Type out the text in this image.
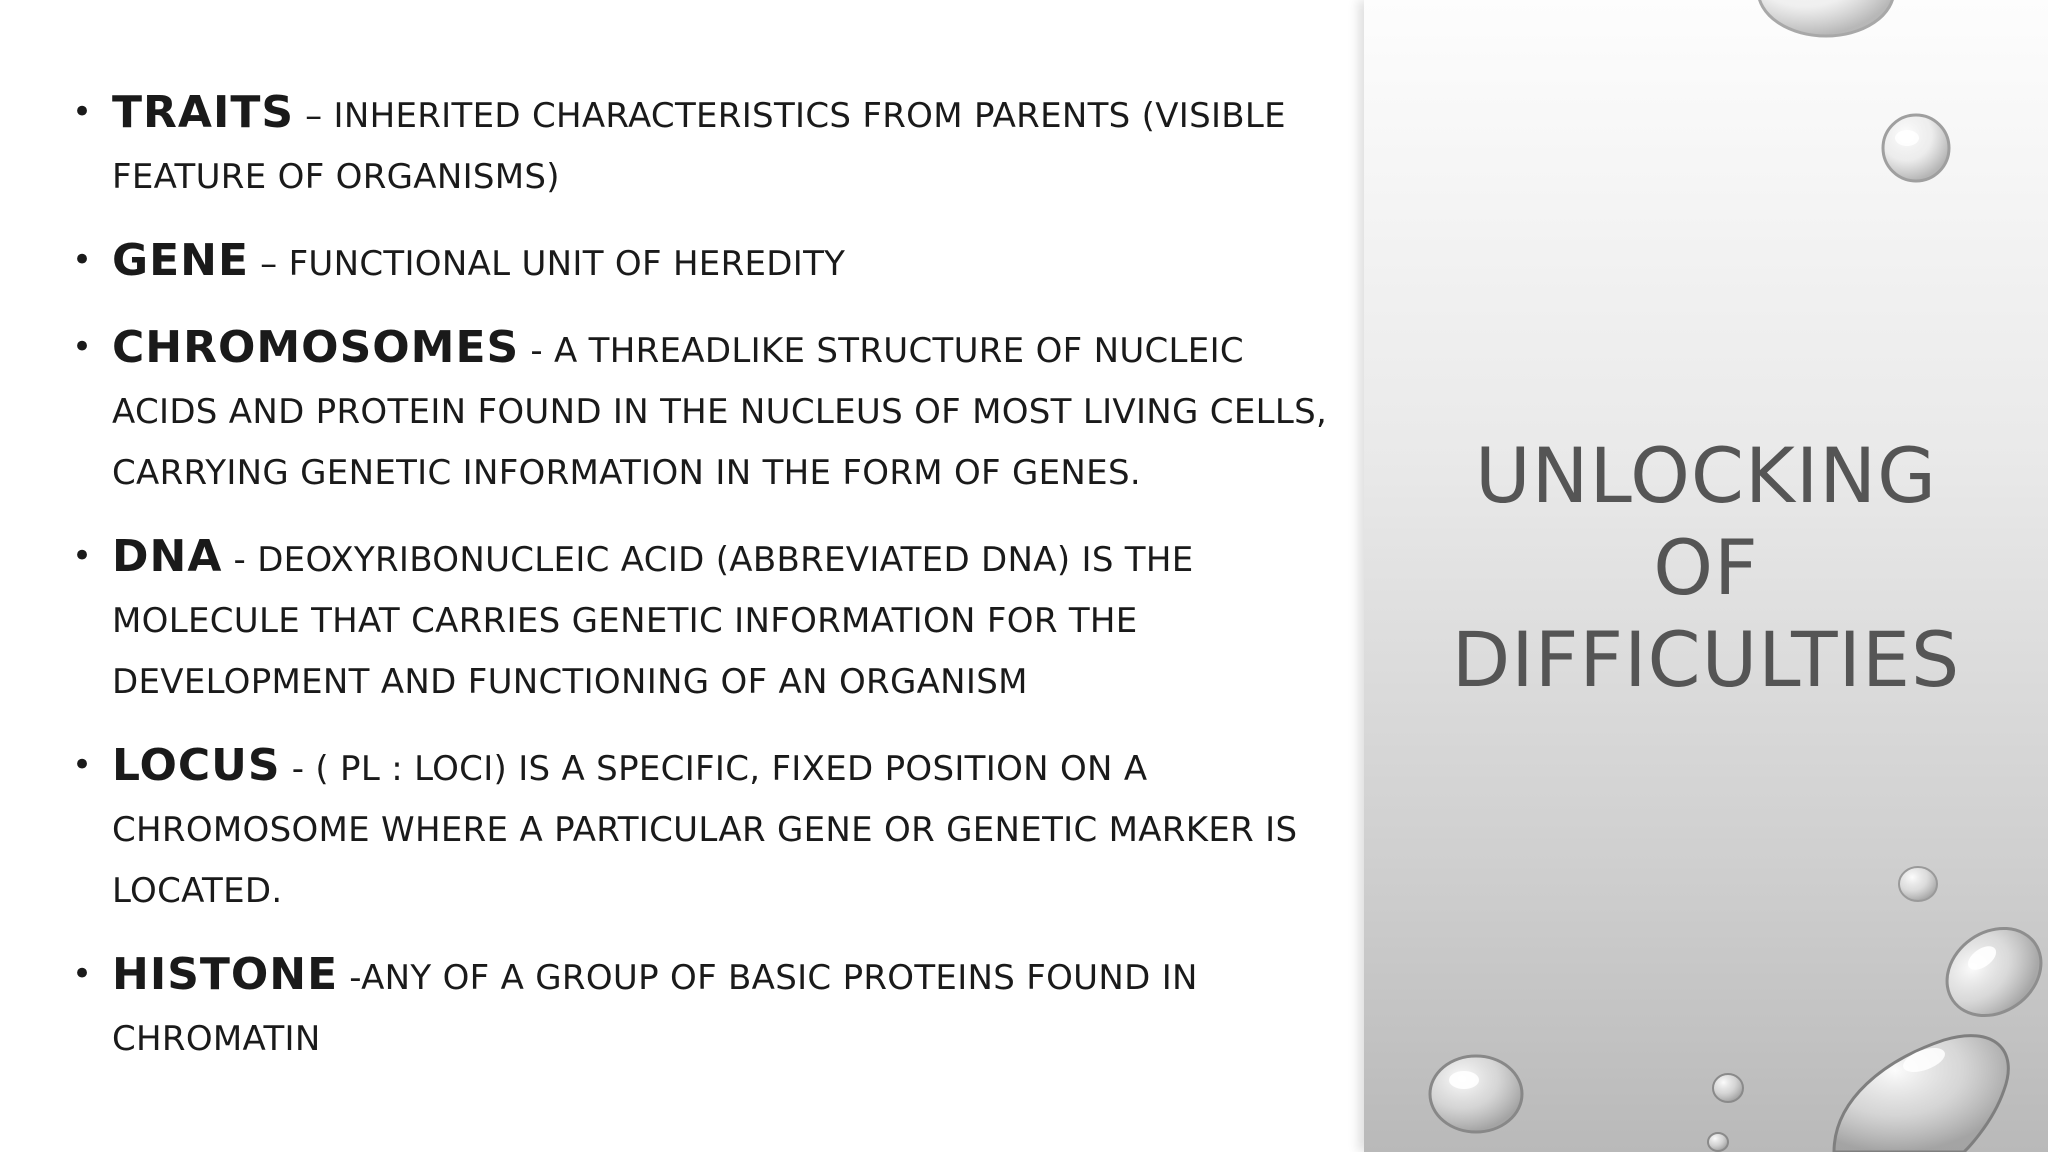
• TRAITS – INHERITED CHARACTERISTICS FROM PARENTS (VISIBLE FEATURE OF ORGANISMS)
• GENE – FUNCTIONAL UNIT OF HEREDITY
• CHROMOSOMES - A THREADLIKE STRUCTURE OF NUCLEIC ACIDS AND PROTEIN FOUND IN THE NUCLEUS OF MOST LIVING CELLS, CARRYING GENETIC INFORMATION IN THE FORM OF GENES.
• DNA - DEOXYRIBONUCLEIC ACID (ABBREVIATED DNA) IS THE MOLECULE THAT CARRIES GENETIC INFORMATION FOR THE DEVELOPMENT AND FUNCTIONING OF AN ORGANISM
• LOCUS - ( PL : LOCI) IS A SPECIFIC, FIXED POSITION ON A CHROMOSOME WHERE A PARTICULAR GENE OR GENETIC MARKER IS LOCATED.
• HISTONE -ANY OF A GROUP OF BASIC PROTEINS FOUND IN CHROMATIN
UNLOCKING
OF
DIFFICULTIES
